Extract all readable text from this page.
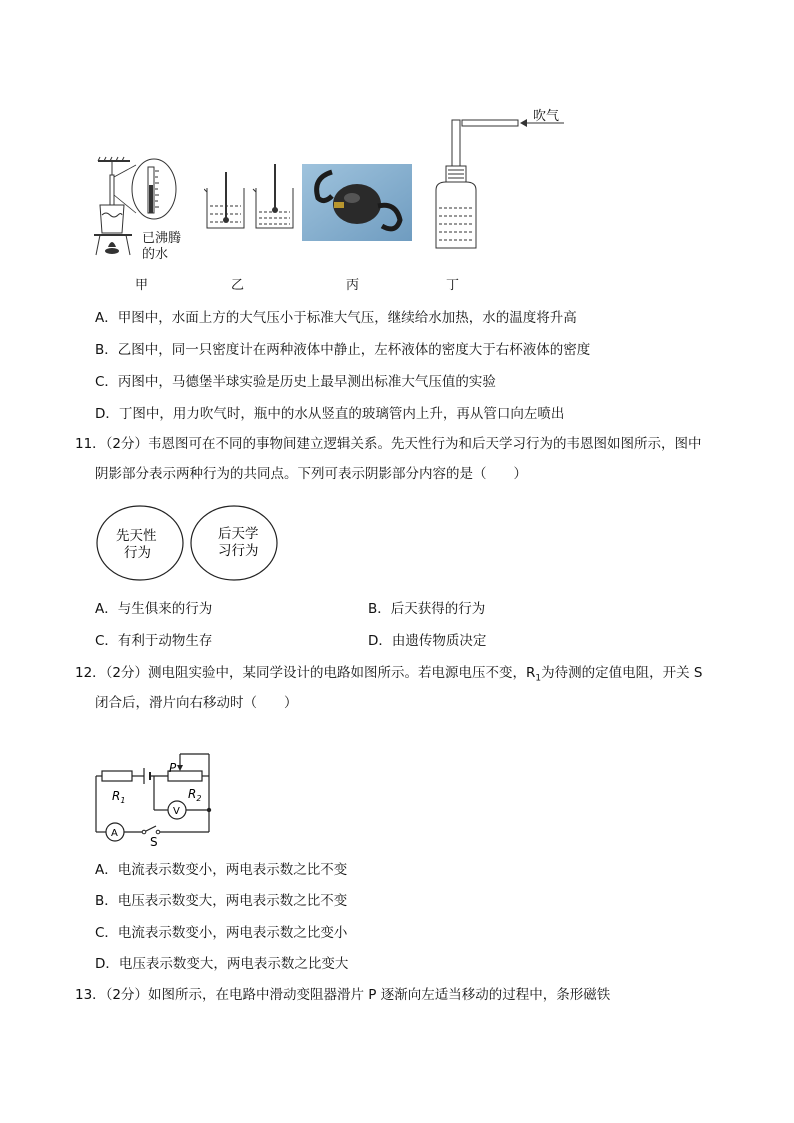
已沸腾
的水
吹气
甲	乙	丙	丁
A．甲图中，水面上方的大气压小于标准大气压，继续给水加热，水的温度将升高
B．乙图中，同一只密度计在两种液体中静止，左杯液体的密度大于右杯液体的密度
C．丙图中，马德堡半球实验是历史上最早测出标准大气压值的实验
D．丁图中，用力吹气时，瓶中的水从竖直的玻璃管内上升，再从管口向左喷出
11．（2分）韦恩图可在不同的事物间建立逻辑关系。先天性行为和后天学习行为的韦恩图如图所示，图中
阴影部分表示两种行为的共同点。下列可表示阴影部分内容的是（　　）
先天性
行为
后天学
习行为
A．与生俱来的行为	B．后天获得的行为
C．有利于动物生存	D．由遗传物质决定
12．（2分）测电阻实验中，某同学设计的电路如图所示。若电源电压不变，$R_1$为待测的定值电阻，开关 S
闭合后，滑片向右移动时（　　）
P
$R_1$	$R_2$
V
A
S
A．电流表示数变小，两电表示数之比不变
B．电压表示数变大，两电表示数之比不变
C．电流表示数变小，两电表示数之比变小
D．电压表示数变大，两电表示数之比变大
13．（2分）如图所示，在电路中滑动变阻器滑片 P 逐渐向左适当移动的过程中，条形磁铁
